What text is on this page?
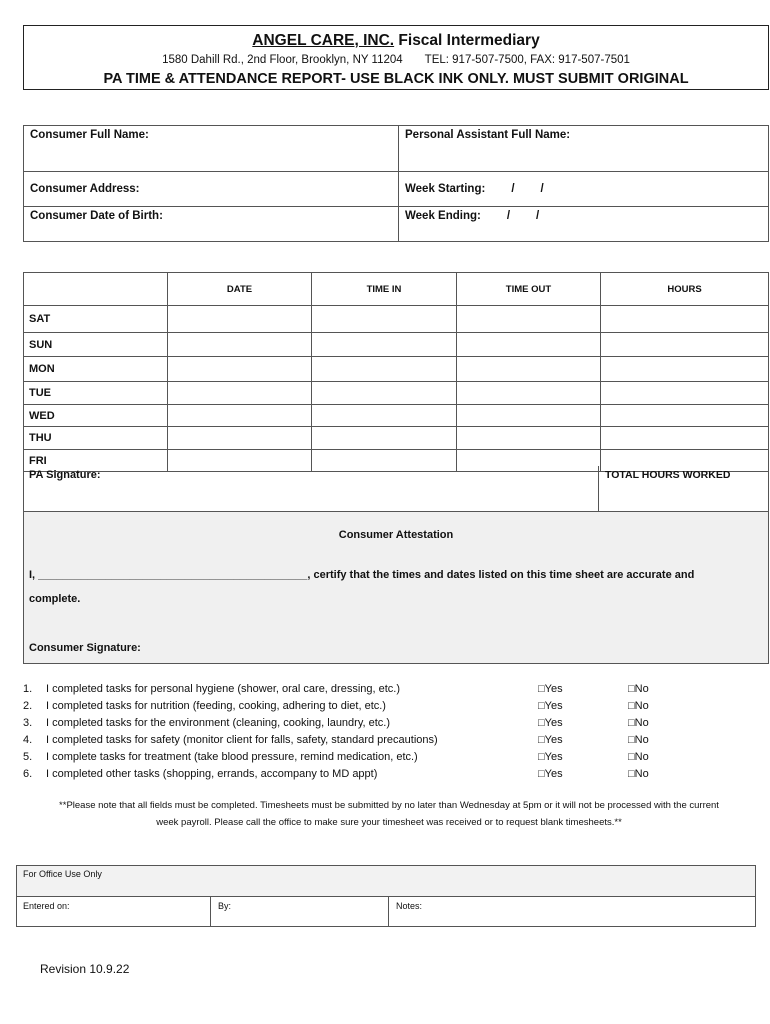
ANGEL CARE, INC. Fiscal Intermediary
1580 Dahill Rd., 2nd Floor, Brooklyn, NY 11204 TEL: 917-507-7500, FAX: 917-507-7501
PA TIME & ATTENDANCE REPORT- USE BLACK INK ONLY. MUST SUBMIT ORIGINAL
Consumer Full Name:	Personal Assistant Full Name:
Consumer Address:	Week Starting: / /
Consumer Date of Birth:	Week Ending: / /
	DATE	TIME IN	TIME OUT	HOURS
SAT				
SUN				
MON				
TUE				
WED				
THU				
FRI				
PA Signature:	TOTAL HOURS WORKED
Consumer Attestation
I, ____________________________________________, certify that the times and dates listed on this time sheet are accurate and
complete.
Consumer Signature:
1.	I completed tasks for personal hygiene (shower, oral care, dressing, etc.)	□Yes	□No
2.	I completed tasks for nutrition (feeding, cooking, adhering to diet, etc.)	□Yes	□No
3.	I completed tasks for the environment (cleaning, cooking, laundry, etc.)	□Yes	□No
4.	I completed tasks for safety (monitor client for falls, safety, standard precautions)	□Yes	□No
5.	I complete tasks for treatment (take blood pressure, remind medication, etc.)	□Yes	□No
6.	I completed other tasks (shopping, errands, accompany to MD appt)	□Yes	□No
**Please note that all fields must be completed. Timesheets must be submitted by no later than Wednesday at 5pm or it will not be processed with the current
week payroll. Please call the office to make sure your timesheet was received or to request blank timesheets.**
For Office Use Only
Entered on:	By:	Notes:
Revision 10.9.22
